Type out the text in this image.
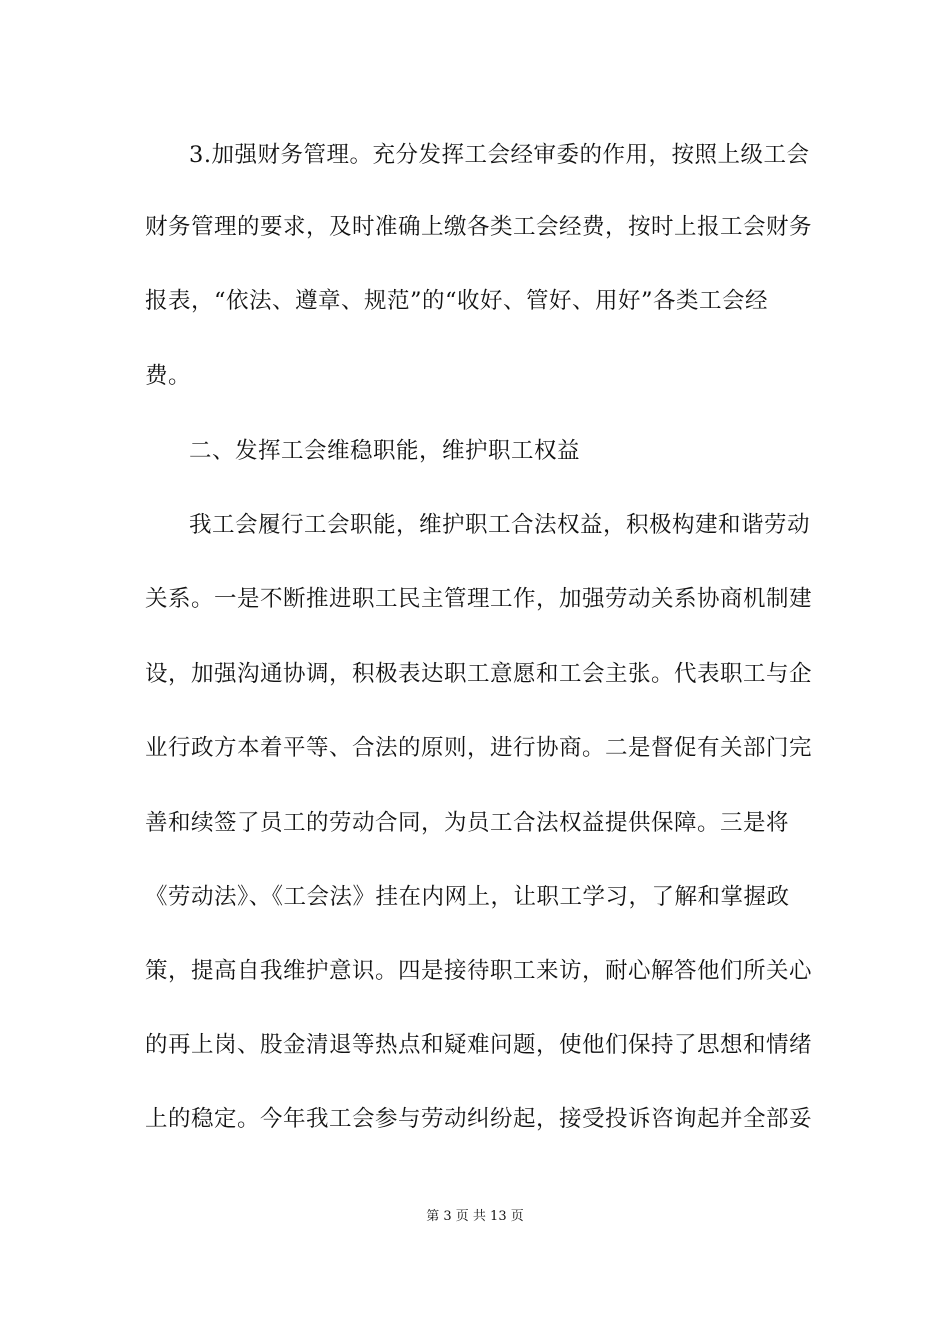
3.加强财务管理。充分发挥工会经审委的作用，按照上级工会
财务管理的要求，及时准确上缴各类工会经费，按时上报工会财务
报表，“依法、遵章、规范”的“收好、管好、用好”各类工会经
费。
二、发挥工会维稳职能，维护职工权益
我工会履行工会职能，维护职工合法权益，积极构建和谐劳动
关系。一是不断推进职工民主管理工作，加强劳动关系协商机制建
设，加强沟通协调，积极表达职工意愿和工会主张。代表职工与企
业行政方本着平等、合法的原则，进行协商。二是督促有关部门完
善和续签了员工的劳动合同，为员工合法权益提供保障。三是将
《劳动法》、《工会法》挂在内网上，让职工学习，了解和掌握政
策，提高自我维护意识。四是接待职工来访，耐心解答他们所关心
的再上岗、股金清退等热点和疑难问题，使他们保持了思想和情绪
上的稳定。今年我工会参与劳动纠纷起，接受投诉咨询起并全部妥
第 3 页 共 13 页
